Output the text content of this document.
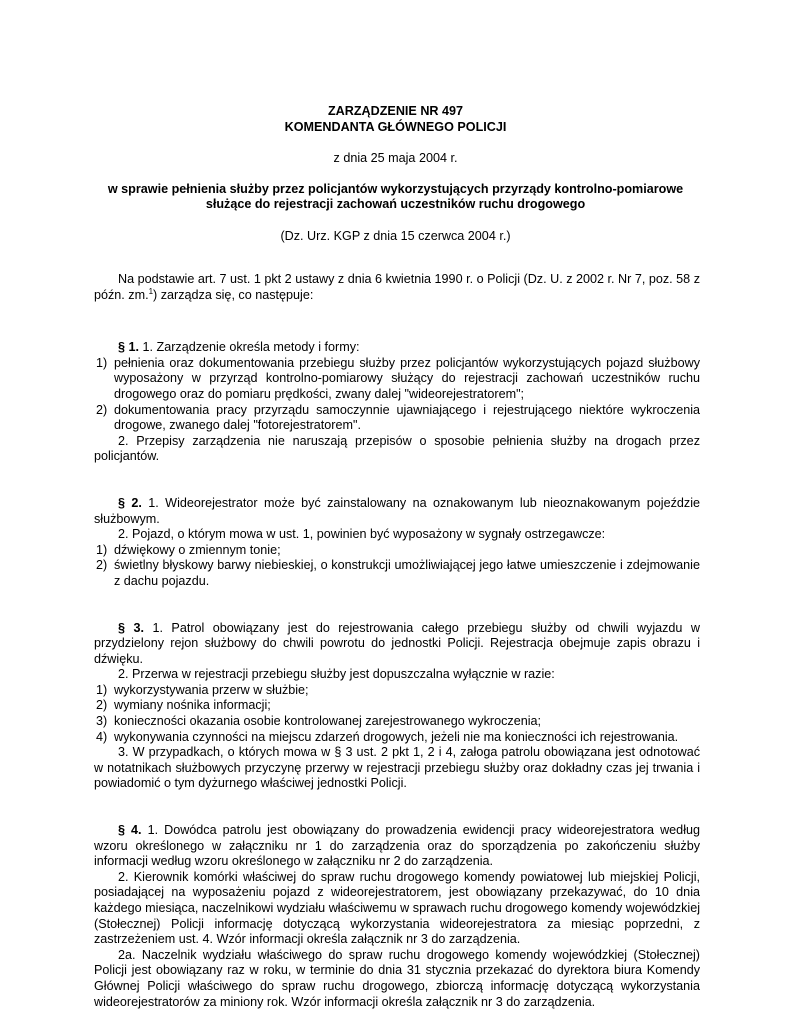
ZARZĄDZENIE NR 497
KOMENDANTA GŁÓWNEGO POLICJI
z dnia 25 maja 2004 r.
w sprawie pełnienia służby przez policjantów wykorzystujących przyrządy kontrolno-pomiarowe
służące do rejestracji zachowań uczestników ruchu drogowego
(Dz. Urz. KGP z dnia 15 czerwca 2004 r.)

Na podstawie art. 7 ust. 1 pkt 2 ustawy z dnia 6 kwietnia 1990 r. o Policji (Dz. U. z 2002 r. Nr 7, poz. 58 z późn. zm.$^1$) zarządza się, co następuje:

§ 1. 1. Zarządzenie określa metody i formy:

1) pełnienia oraz dokumentowania przebiegu służby przez policjantów wykorzystujących pojazd służbowy wyposażony w przyrząd kontrolno-pomiarowy służący do rejestracji zachowań uczestników ruchu drogowego oraz do pomiaru prędkości, zwany dalej "wideorejestratorem";
2) dokumentowania pracy przyrządu samoczynnie ujawniającego i rejestrującego niektóre wykroczenia drogowe, zwanego dalej "fotorejestratorem".

2. Przepisy zarządzenia nie naruszają przepisów o sposobie pełnienia służby na drogach przez policjantów.

§ 2. 1. Wideorejestrator może być zainstalowany na oznakowanym lub nieoznakowanym pojeździe służbowym.

2. Pojazd, o którym mowa w ust. 1, powinien być wyposażony w sygnały ostrzegawcze:

1) dźwiękowy o zmiennym tonie;
2) świetlny błyskowy barwy niebieskiej, o konstrukcji umożliwiającej jego łatwe umieszczenie i zdejmowanie z dachu pojazdu.

§ 3. 1. Patrol obowiązany jest do rejestrowania całego przebiegu służby od chwili wyjazdu w przydzielony rejon służbowy do chwili powrotu do jednostki Policji. Rejestracja obejmuje zapis obrazu i dźwięku.

2. Przerwa w rejestracji przebiegu służby jest dopuszczalna wyłącznie w razie:

1) wykorzystywania przerw w służbie;
2) wymiany nośnika informacji;
3) konieczności okazania osobie kontrolowanej zarejestrowanego wykroczenia;
4) wykonywania czynności na miejscu zdarzeń drogowych, jeżeli nie ma konieczności ich rejestrowania.

3. W przypadkach, o których mowa w § 3 ust. 2 pkt 1, 2 i 4, załoga patrolu obowiązana jest odnotować w notatnikach służbowych przyczynę przerwy w rejestracji przebiegu służby oraz dokładny czas jej trwania i powiadomić o tym dyżurnego właściwej jednostki Policji.

§ 4. 1. Dowódca patrolu jest obowiązany do prowadzenia ewidencji pracy wideorejestratora według wzoru określonego w załączniku nr 1 do zarządzenia oraz do sporządzenia po zakończeniu służby informacji według wzoru określonego w załączniku nr 2 do zarządzenia.

2. Kierownik komórki właściwej do spraw ruchu drogowego komendy powiatowej lub miejskiej Policji, posiadającej na wyposażeniu pojazd z wideorejestratorem, jest obowiązany przekazywać, do 10 dnia każdego miesiąca, naczelnikowi wydziału właściwemu w sprawach ruchu drogowego komendy wojewódzkiej (Stołecznej) Policji informację dotyczącą wykorzystania wideorejestratora za miesiąc poprzedni, z zastrzeżeniem ust. 4. Wzór informacji określa załącznik nr 3 do zarządzenia.

2a. Naczelnik wydziału właściwego do spraw ruchu drogowego komendy wojewódzkiej (Stołecznej) Policji jest obowiązany raz w roku, w terminie do dnia 31 stycznia przekazać do dyrektora biura Komendy Głównej Policji właściwego do spraw ruchu drogowego, zbiorczą informację dotyczącą wykorzystania wideorejestratorów za miniony rok. Wzór informacji określa załącznik nr 3 do zarządzenia.
